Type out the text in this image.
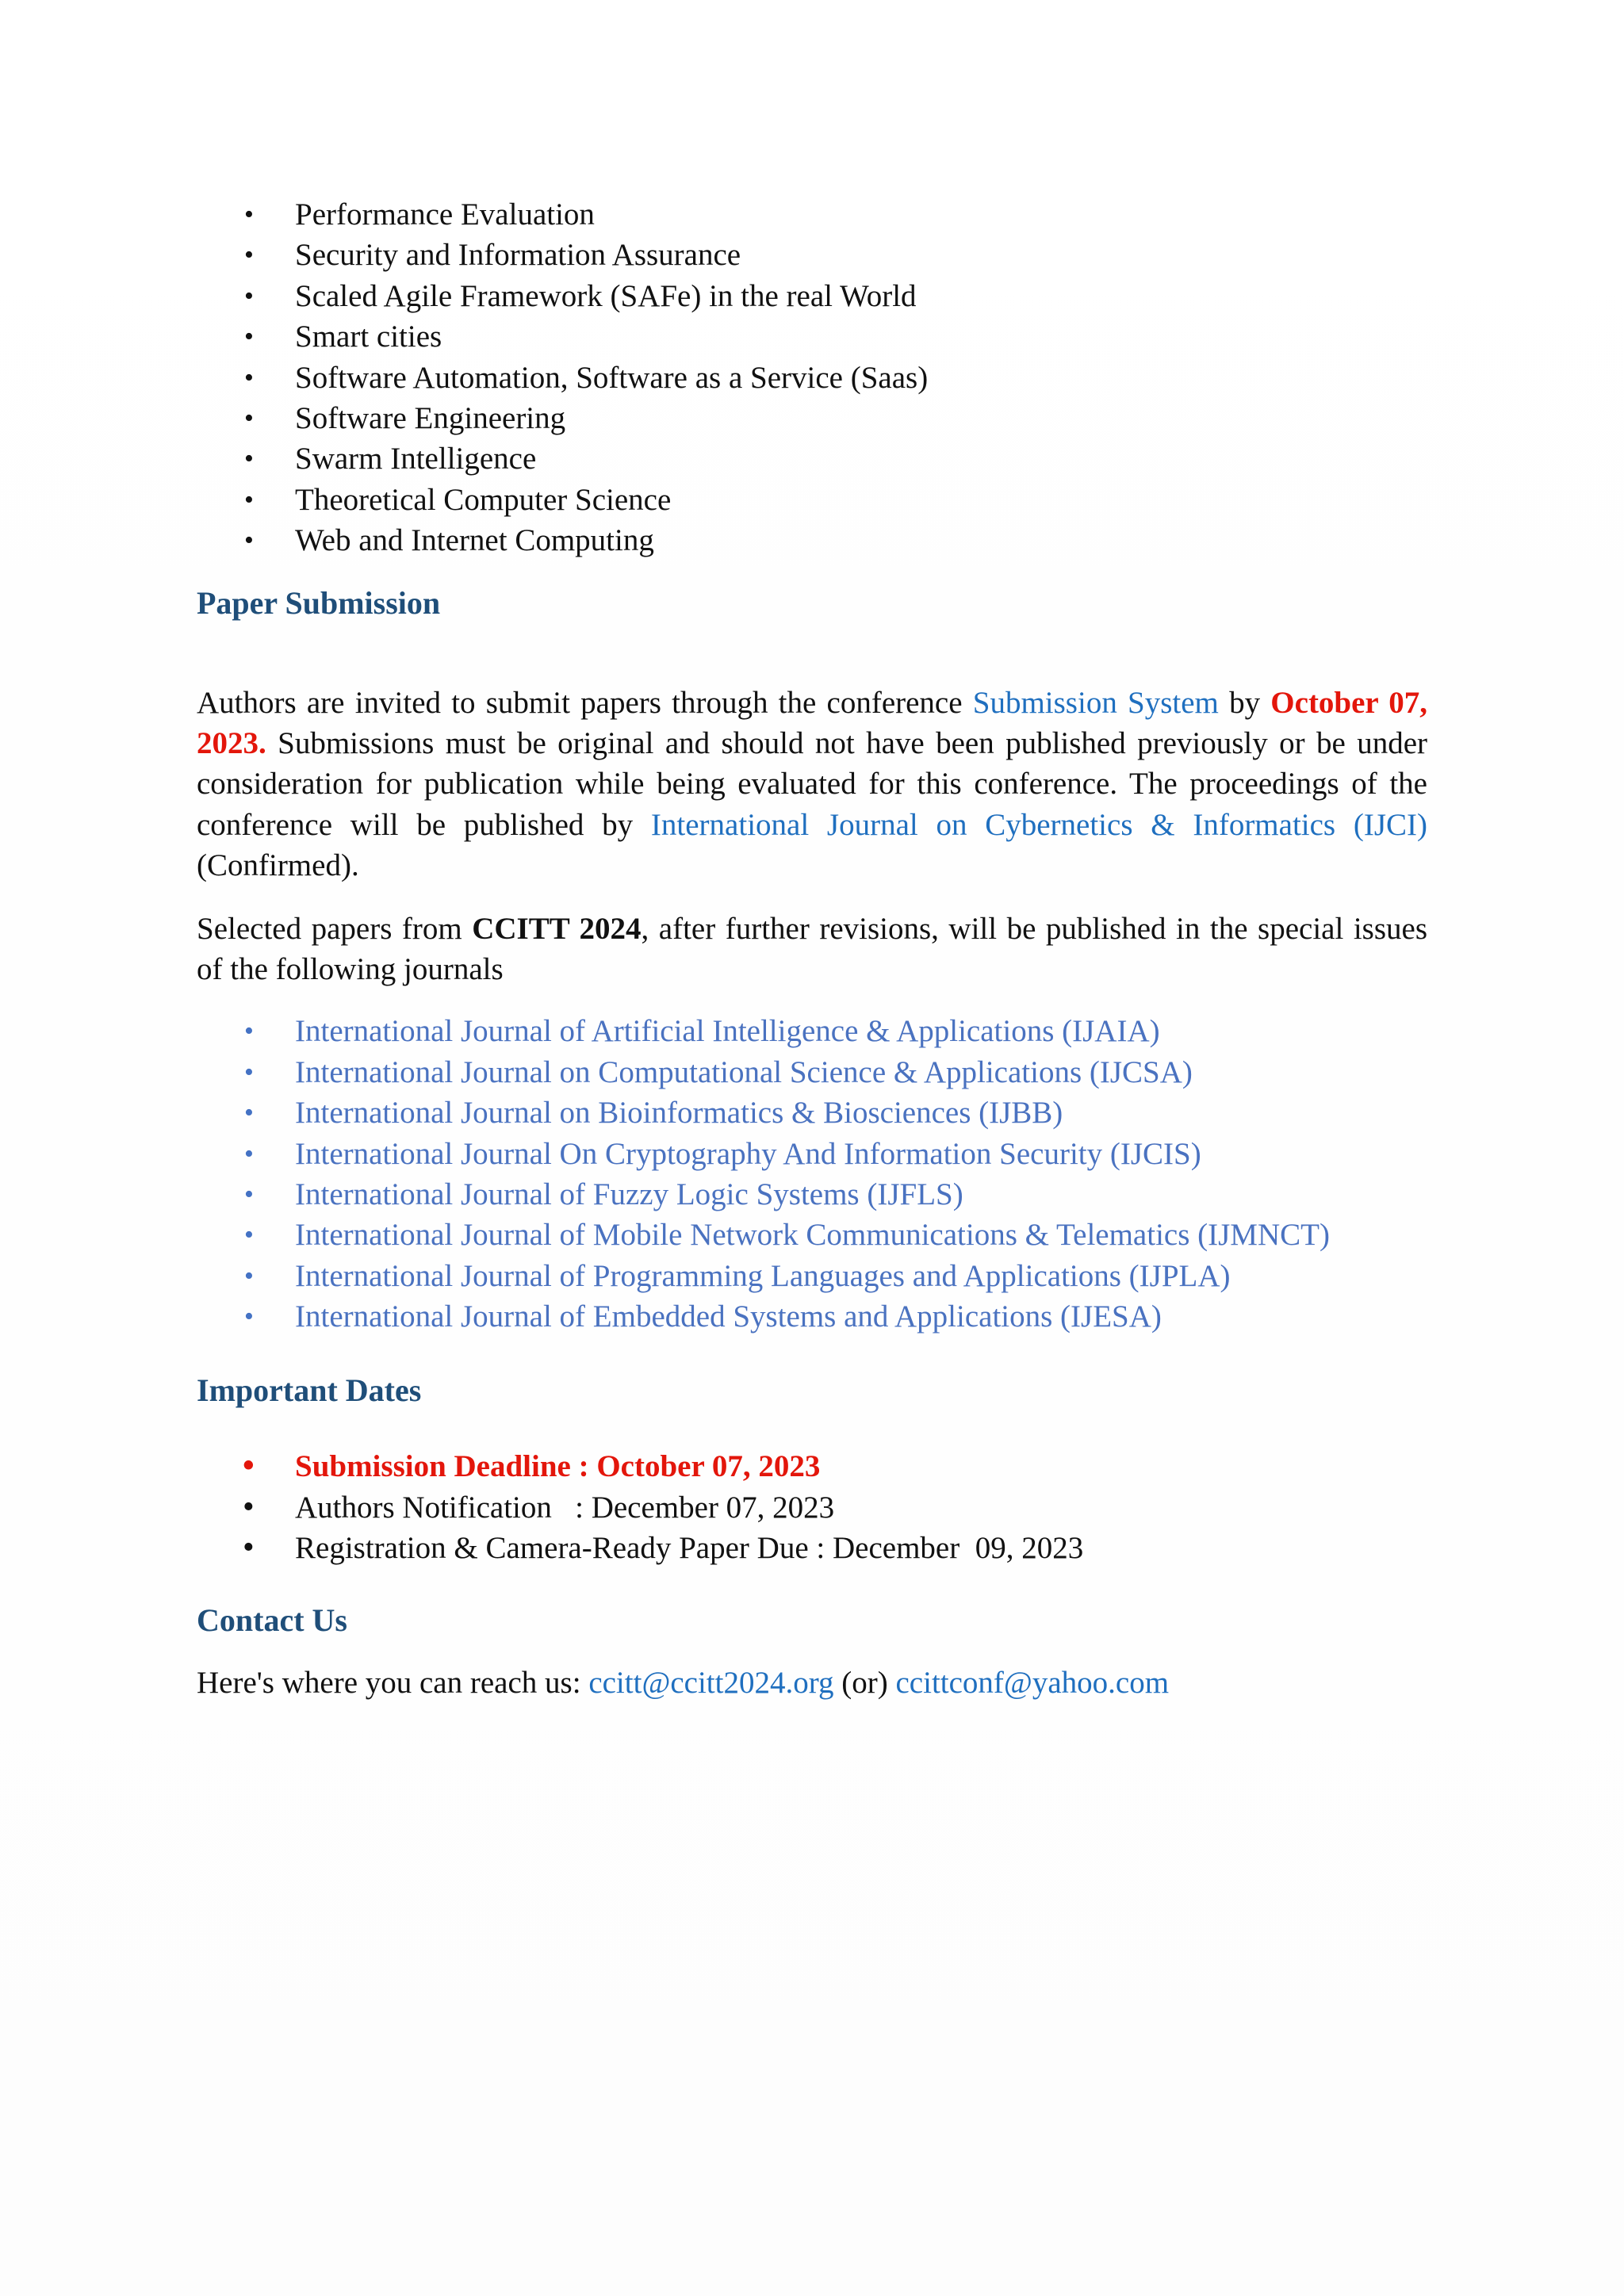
• Performance Evaluation
• Security and Information Assurance
• Scaled Agile Framework (SAFe) in the real World
• Smart cities
• Software Automation, Software as a Service (Saas)
• Software Engineering
• Swarm Intelligence
• Theoretical Computer Science
• Web and Internet Computing
Paper Submission

Authors are invited to submit papers through the conference Submission System by October 07, 2023. Submissions must be original and should not have been published previously or be under consideration for publication while being evaluated for this conference. The proceedings of the conference will be published by International Journal on Cybernetics & Informatics (IJCI) (Confirmed).

Selected papers from CCITT 2024, after further revisions, will be published in the special issues of the following journals

• International Journal of Artificial Intelligence & Applications (IJAIA)
• International Journal on Computational Science & Applications (IJCSA)
• International Journal on Bioinformatics & Biosciences (IJBB)
• International Journal On Cryptography And Information Security (IJCIS)
• International Journal of Fuzzy Logic Systems (IJFLS)
• International Journal of Mobile Network Communications & Telematics (IJMNCT)
• International Journal of Programming Languages and Applications (IJPLA)
• International Journal of Embedded Systems and Applications (IJESA)
Important Dates
• Submission Deadline : October 07, 2023
• Authors Notification   : December 07, 2023
• Registration & Camera-Ready Paper Due : December  09, 2023
Contact Us

Here's where you can reach us: ccitt@ccitt2024.org (or) ccittconf@yahoo.com
